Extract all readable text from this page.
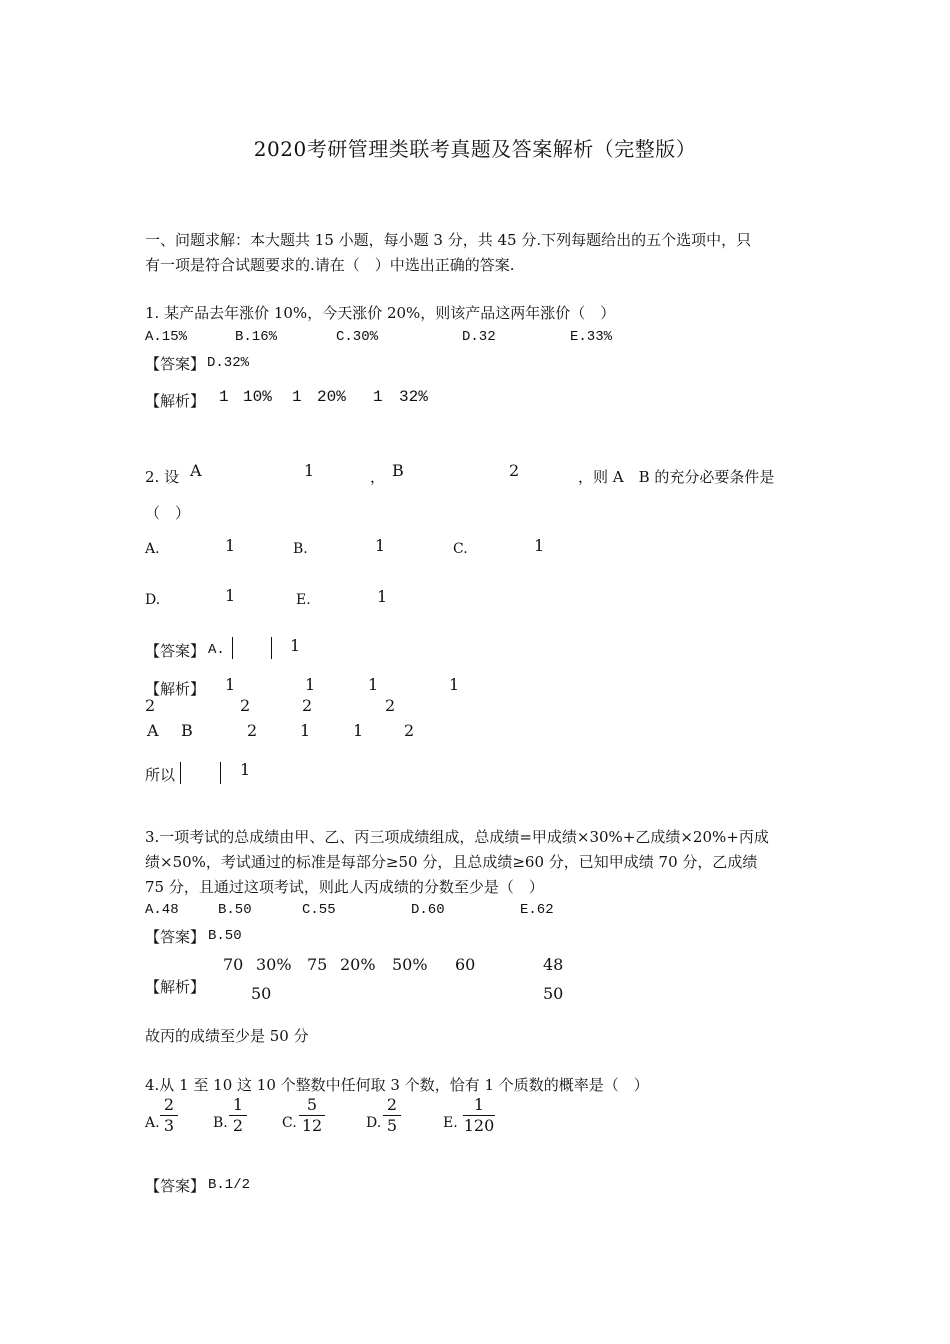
2020考研管理类联考真题及答案解析（完整版）
一、问题求解：本大题共 15 小题，每小题 3 分，共 45 分.下列每题给出的五个选项中，只
有一项是符合试题要求的.请在（　）中选出正确的答案.
1. 某产品去年涨价 10%，今天涨价 20%，则该产品这两年涨价（　）
A.15%	B.16%	C.30%	D.32	E.33%
【答案】 D.32%
【解析】 1 10% 1 20% 1 32%
2. 设 A	1	， B	2	，则 A　B 的充分必要条件是
（　）
A.	1	B.	1	C.	1
D.	1	E.	1
【答案】 A.	1
【解析】 1	1	1	1
2	2	2	2
A B	2	1	1	2
所以	1
3.一项考试的总成绩由甲、乙、丙三项成绩组成，总成绩=甲成绩×30%+乙成绩×20%+丙成
绩×50%，考试通过的标准是每部分≥50 分，且总成绩≥60 分，已知甲成绩 70 分，乙成绩
75 分，且通过这项考试，则此人丙成绩的分数至少是（　）
A.48	B.50	C.55	D.60	E.62
【答案】 B.50
【解析】
70 30% 75 20% 50% 60	48
50	50
故丙的成绩至少是 50 分
4.从 1 至 10 这 10 个整数中任何取 3 个数，恰有 1 个质数的概率是（　）
A.
2
3	B.
1
2	C.
5
12	D.
2
5	E.
1
120
【答案】 B.1/2
